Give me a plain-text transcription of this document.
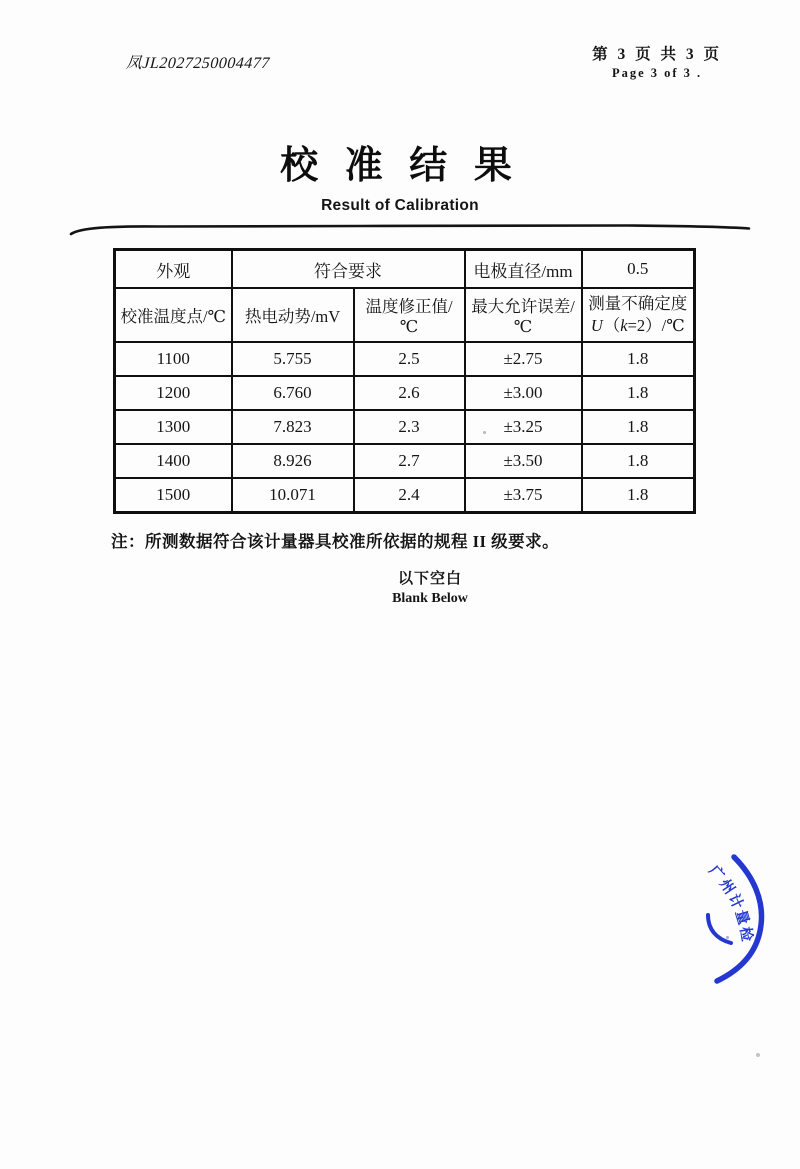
凤JL2027250004477
第 3 页 共 3 页
Page 3 of 3 .
校 准 结 果
Result of Calibration
外观	符合要求		电极直径/mm	0.5
校准温度点/℃	热电动势/mV	温度修正值/℃	最大允许误差/℃	测量不确定度
U（k=2）/℃

1100	5.755	2.5	±2.75	1.8
1200	6.760	2.6	±3.00	1.8
1300	7.823	2.3	±3.25	1.8
1400	8.926	2.7	±3.50	1.8
1500	10.071	2.4	±3.75	1.8
注：所测数据符合该计量器具校准所依据的规程 II 级要求。
以下空白
Blank Below
广州计量检
